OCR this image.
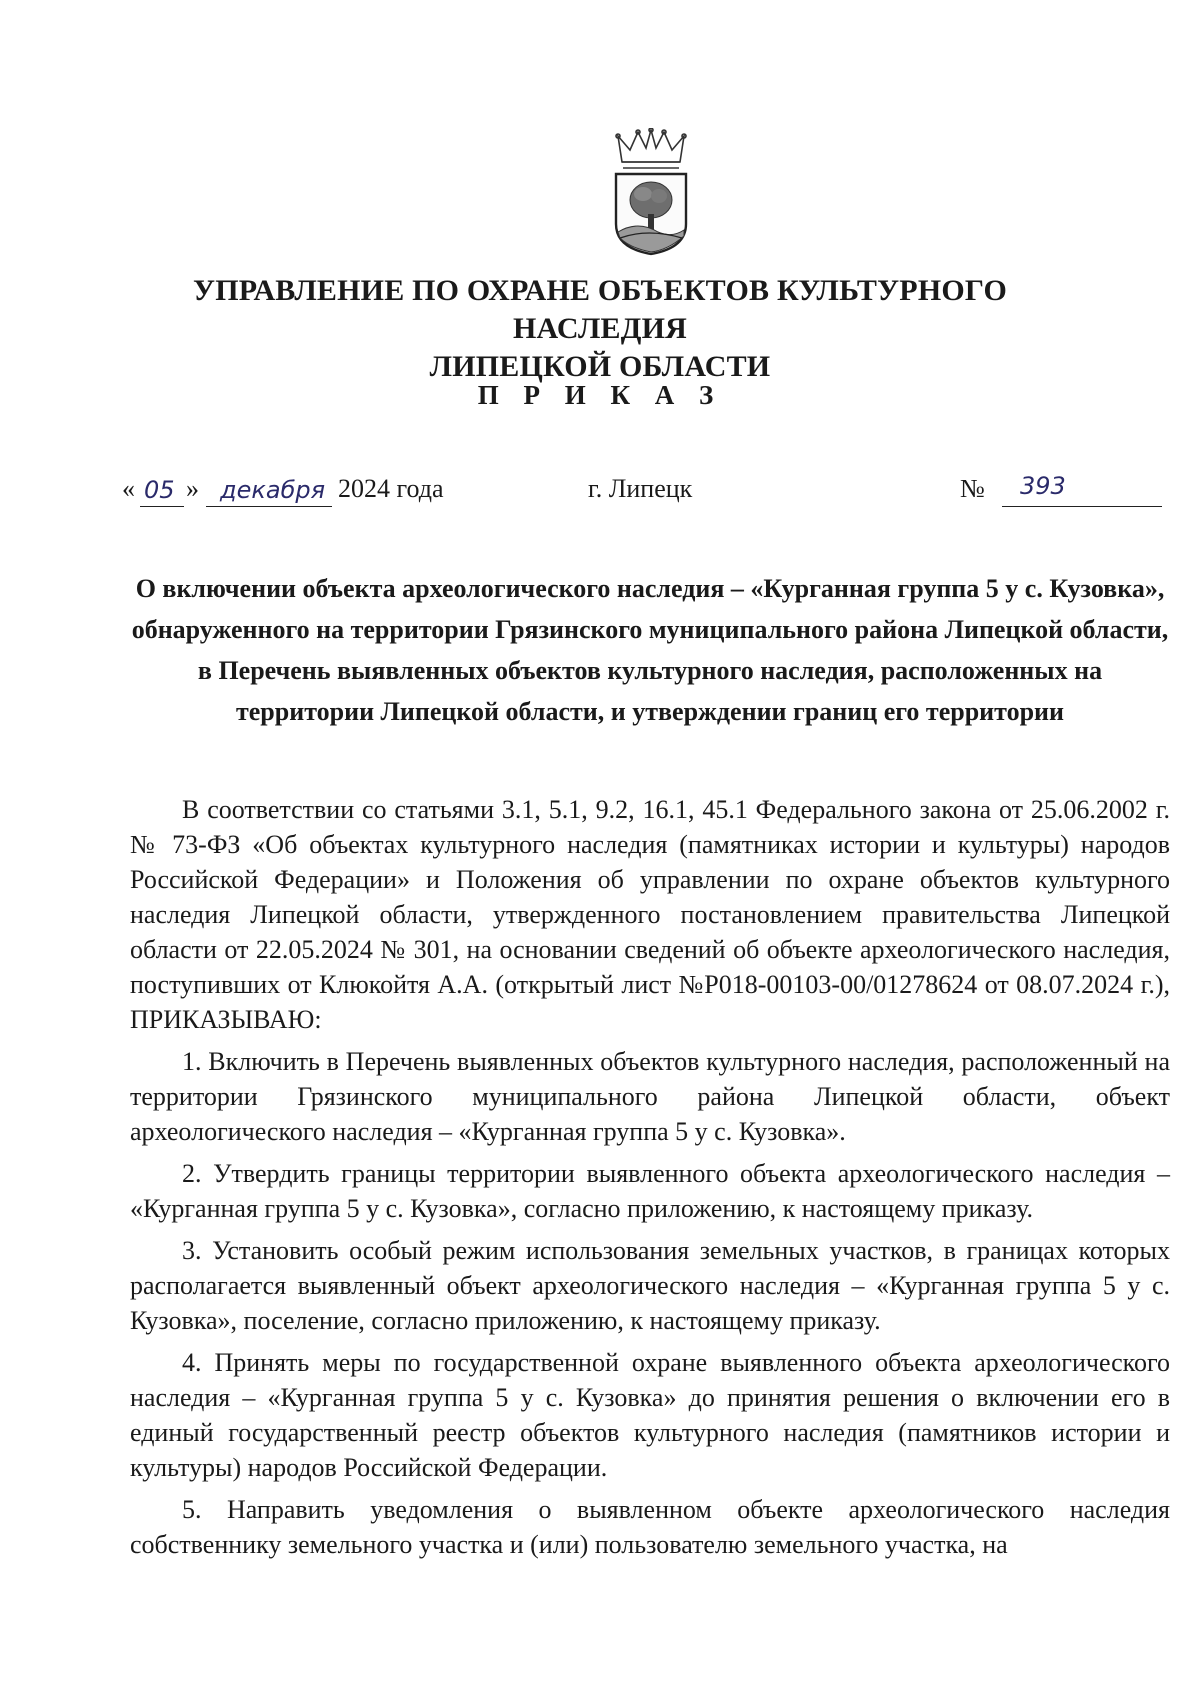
УПРАВЛЕНИЕ ПО ОХРАНЕ ОБЪЕКТОВ КУЛЬТУРНОГО НАСЛЕДИЯ
ЛИПЕЦКОЙ ОБЛАСТИ
П Р И К А З
« 05 » декабря 2024 года	г. Липецк	№ 393
О включении объекта археологического наследия – «Курганная группа 5 у с. Кузовка», обнаруженного на территории Грязинского муниципального района Липецкой области, в Перечень выявленных объектов культурного наследия, расположенных на территории Липецкой области, и утверждении границ его территории

В соответствии со статьями 3.1, 5.1, 9.2, 16.1, 45.1 Федерального закона от 25.06.2002 г. № 73-ФЗ «Об объектах культурного наследия (памятниках истории и культуры) народов Российской Федерации» и Положения об управлении по охране объектов культурного наследия Липецкой области, утвержденного постановлением правительства Липецкой области от 22.05.2024 № 301, на основании сведений об объекте археологического наследия, поступивших от Клюкойтя А.А. (открытый лист №Р018-00103-00/01278624 от 08.07.2024 г.), ПРИКАЗЫВАЮ:

1. Включить в Перечень выявленных объектов культурного наследия, расположенный на территории Грязинского муниципального района Липецкой области, объект археологического наследия – «Курганная группа 5 у с. Кузовка».

2. Утвердить границы территории выявленного объекта археологического наследия – «Курганная группа 5 у с. Кузовка», согласно приложению, к настоящему приказу.

3. Установить особый режим использования земельных участков, в границах которых располагается выявленный объект археологического наследия – «Курганная группа 5 у с. Кузовка», поселение, согласно приложению, к настоящему приказу.

4. Принять меры по государственной охране выявленного объекта археологического наследия – «Курганная группа 5 у с. Кузовка» до принятия решения о включении его в единый государственный реестр объектов культурного наследия (памятников истории и культуры) народов Российской Федерации.

5. Направить уведомления о выявленном объекте археологического наследия собственнику земельного участка и (или) пользователю земельного участка, на
